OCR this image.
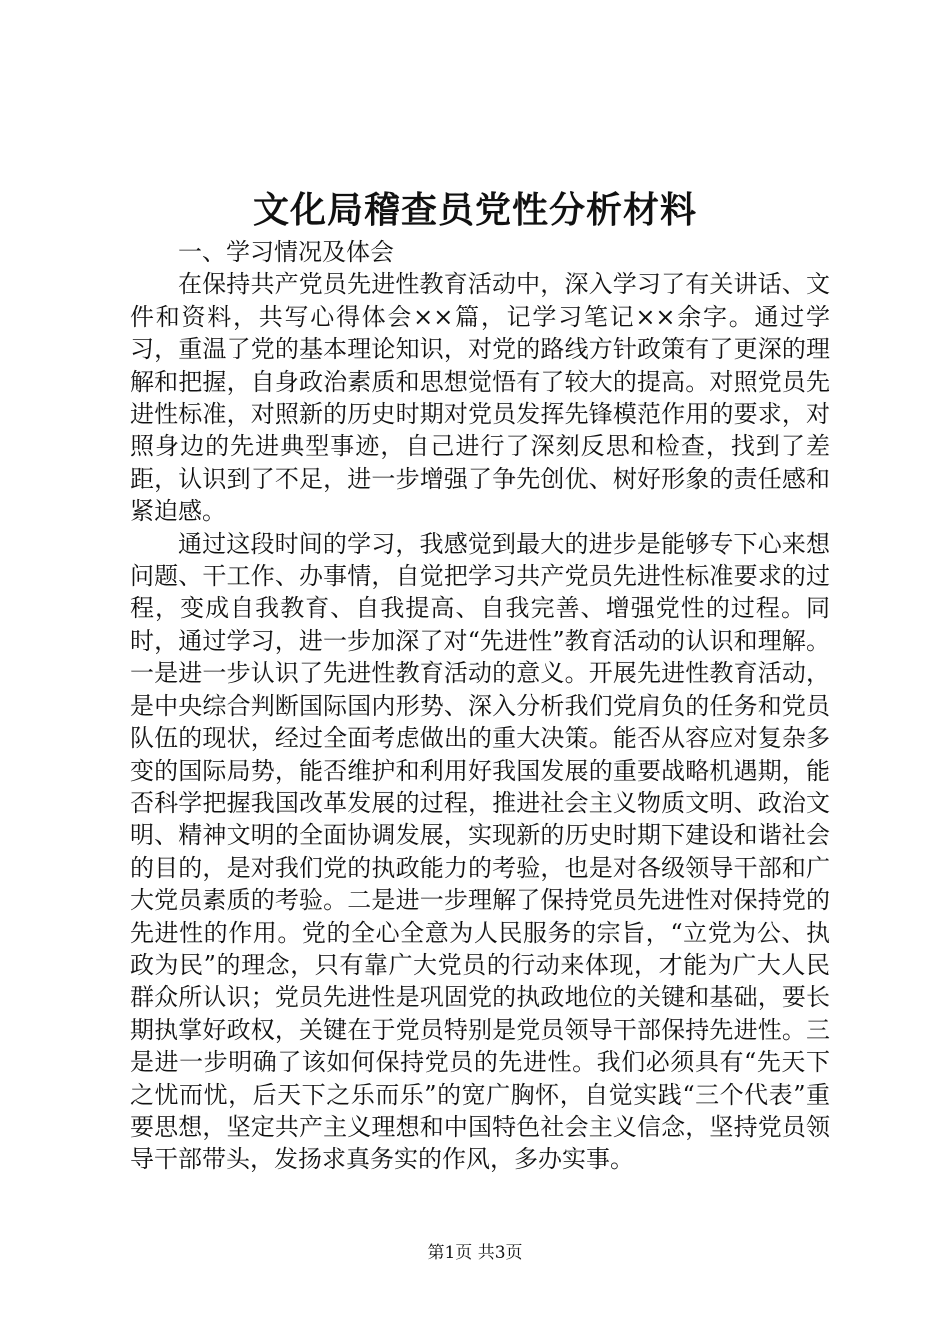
文化局稽查员党性分析材料

一、学习情况及体会

在保持共产党员先进性教育活动中，深入学习了有关讲话、文件和资料，共写心得体会××篇，记学习笔记××余字。通过学习，重温了党的基本理论知识，对党的路线方针政策有了更深的理解和把握，自身政治素质和思想觉悟有了较大的提高。对照党员先进性标准，对照新的历史时期对党员发挥先锋模范作用的要求，对照身边的先进典型事迹，自己进行了深刻反思和检查，找到了差距，认识到了不足，进一步增强了争先创优、树好形象的责任感和紧迫感。

通过这段时间的学习，我感觉到最大的进步是能够专下心来想问题、干工作、办事情，自觉把学习共产党员先进性标准要求的过程，变成自我教育、自我提高、自我完善、增强党性的过程。同时，通过学习，进一步加深了对“先进性”教育活动的认识和理解。一是进一步认识了先进性教育活动的意义。开展先进性教育活动，是中央综合判断国际国内形势、深入分析我们党肩负的任务和党员队伍的现状，经过全面考虑做出的重大决策。能否从容应对复杂多变的国际局势，能否维护和利用好我国发展的重要战略机遇期，能否科学把握我国改革发展的过程，推进社会主义物质文明、政治文明、精神文明的全面协调发展，实现新的历史时期下建设和谐社会的目的，是对我们党的执政能力的考验，也是对各级领导干部和广大党员素质的考验。二是进一步理解了保持党员先进性对保持党的先进性的作用。党的全心全意为人民服务的宗旨，“立党为公、执政为民”的理念，只有靠广大党员的行动来体现，才能为广大人民群众所认识；党员先进性是巩固党的执政地位的关键和基础，要长期执掌好政权，关键在于党员特别是党员领导干部保持先进性。三是进一步明确了该如何保持党员的先进性。我们必须具有“先天下之忧而忧，后天下之乐而乐”的宽广胸怀，自觉实践“三个代表”重要思想，坚定共产主义理想和中国特色社会主义信念，坚持党员领导干部带头，发扬求真务实的作风，多办实事。

第1页 共3页
